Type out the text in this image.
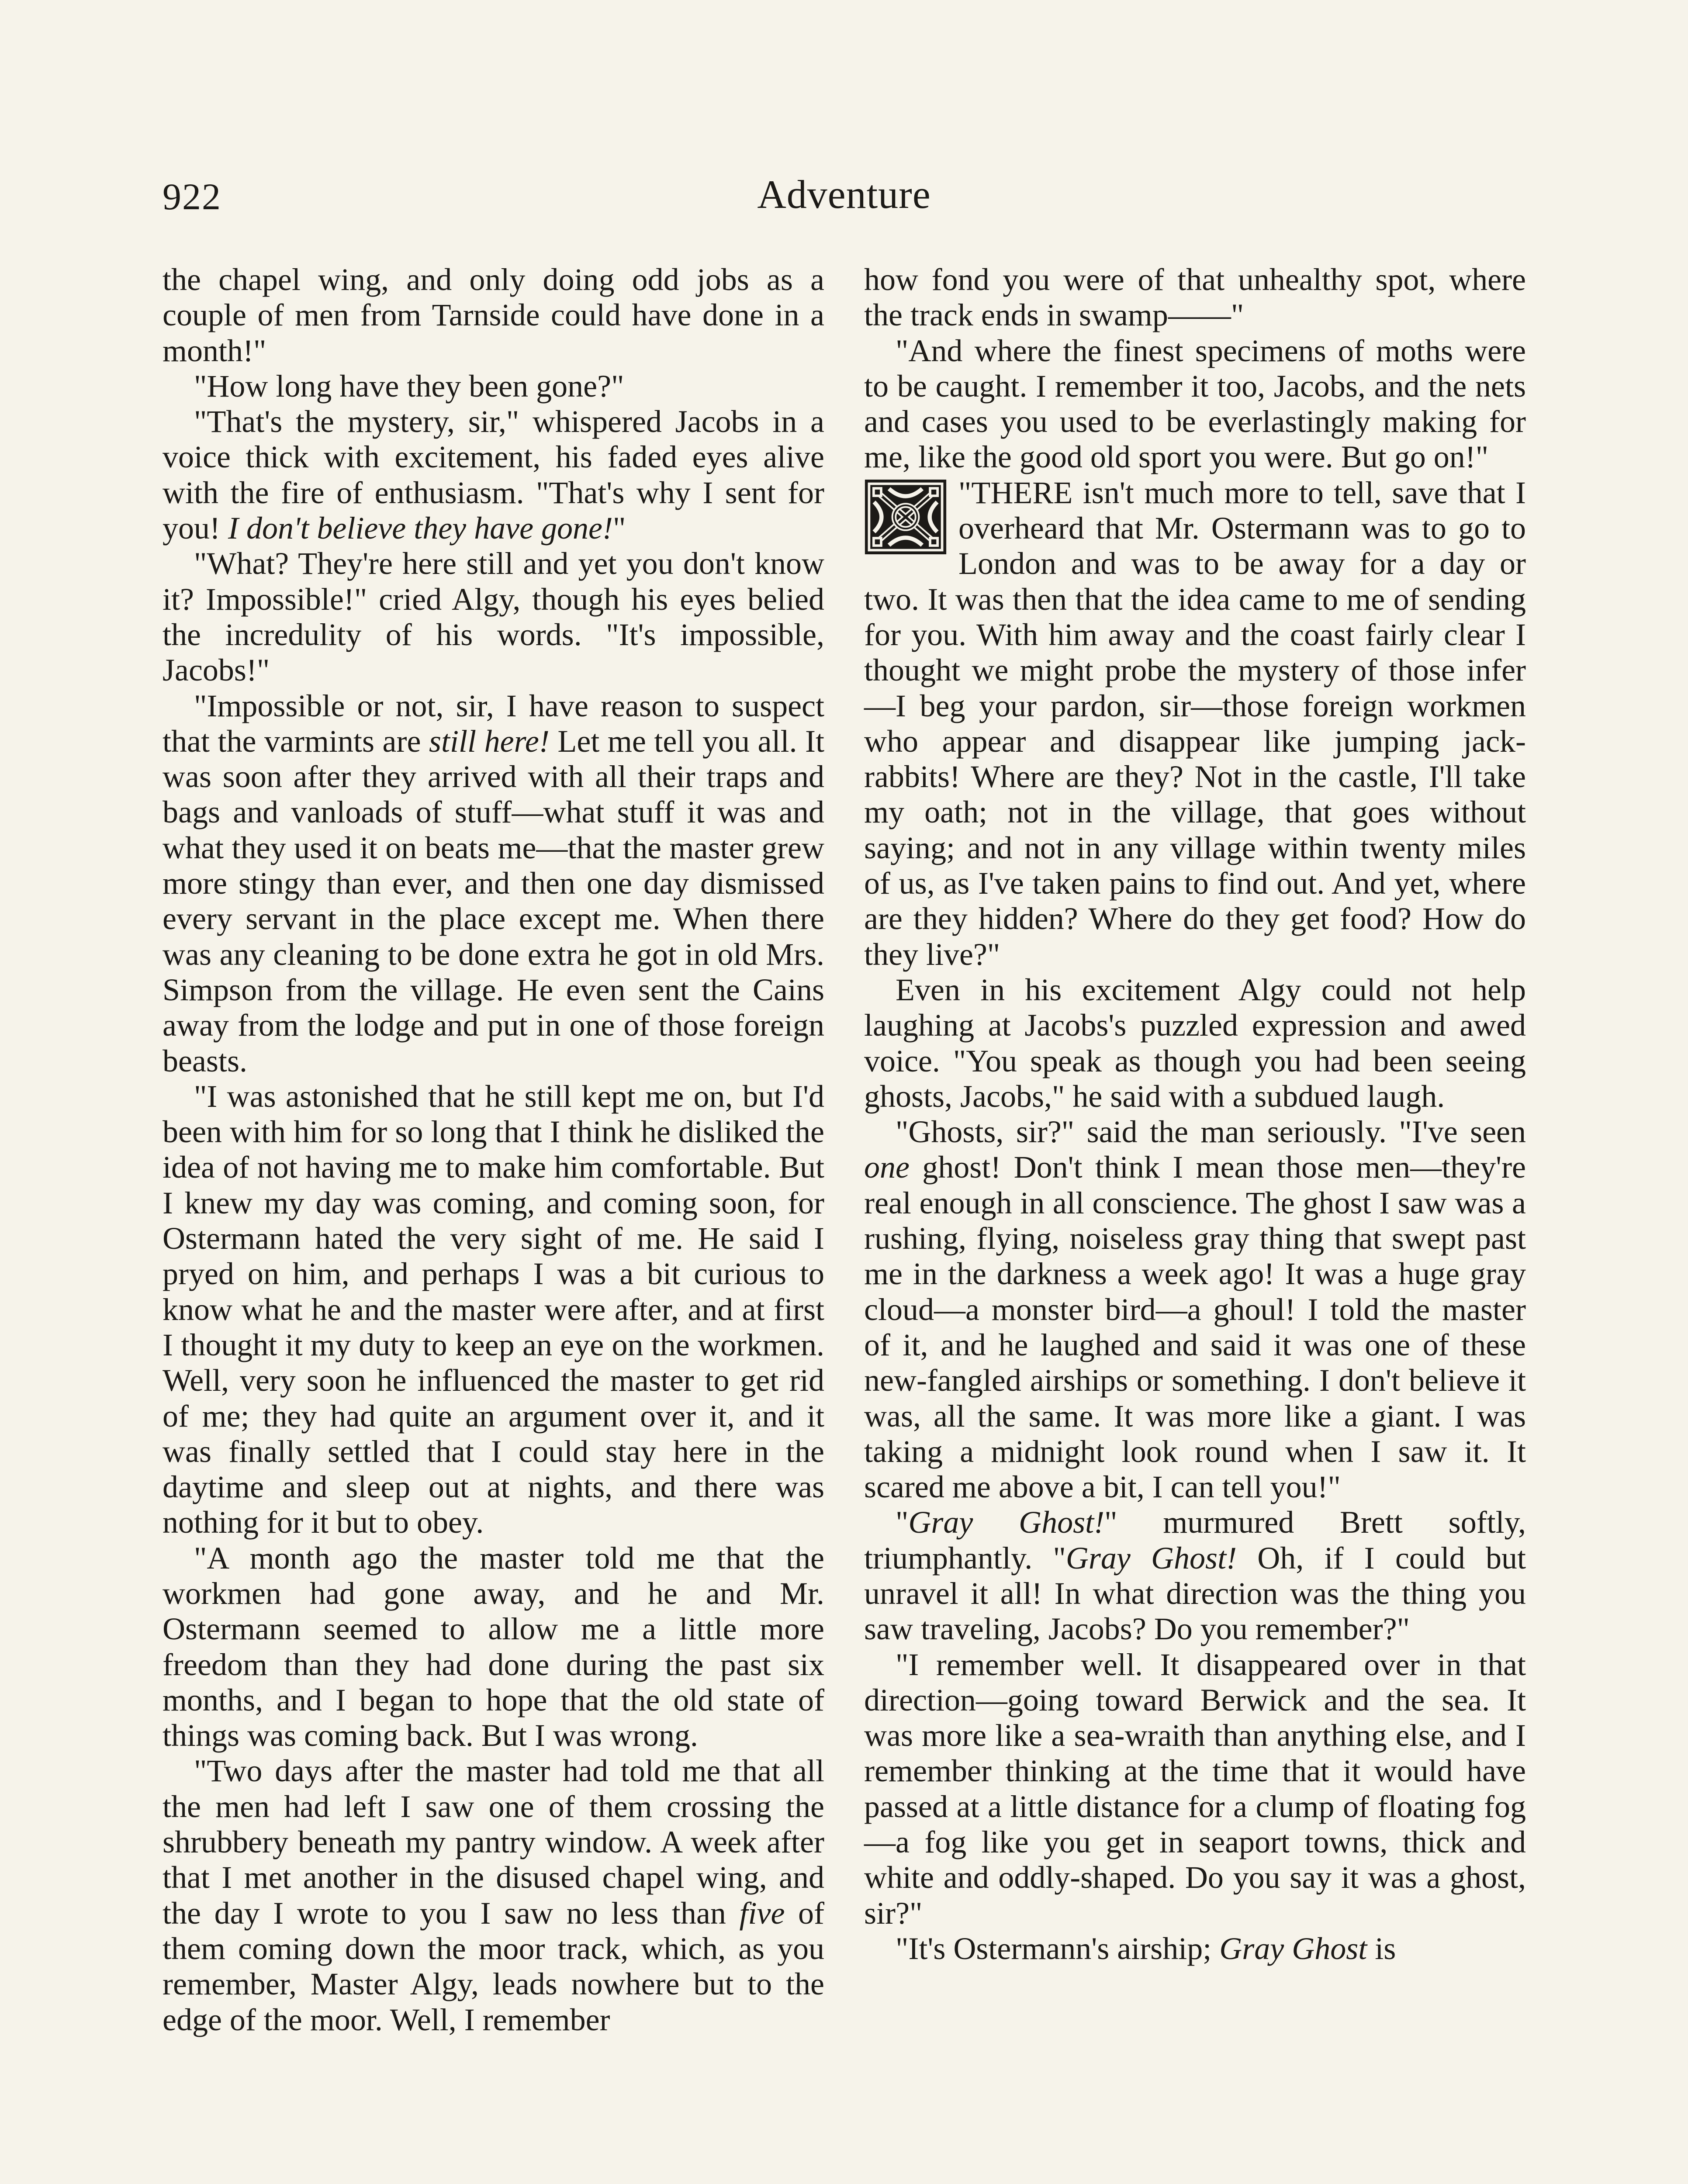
922	Adventure

the chapel wing, and only doing odd jobs as a couple of men from Tarnside could have done in a month!"

"How long have they been gone?"

"That's the mystery, sir," whispered Jacobs in a voice thick with excitement, his faded eyes alive with the fire of enthusiasm. "That's why I sent for you! I don't believe they have gone!"

"What? They're here still and yet you don't know it? Impossible!" cried Algy, though his eyes belied the incredulity of his words. "It's impossible, Jacobs!"

"Impossible or not, sir, I have reason to suspect that the varmints are still here! Let me tell you all. It was soon after they arrived with all their traps and bags and vanloads of stuff—what stuff it was and what they used it on beats me—that the master grew more stingy than ever, and then one day dismissed every servant in the place except me. When there was any cleaning to be done extra he got in old Mrs. Simpson from the village. He even sent the Cains away from the lodge and put in one of those foreign beasts.

"I was astonished that he still kept me on, but I'd been with him for so long that I think he disliked the idea of not having me to make him comfortable. But I knew my day was coming, and coming soon, for Ostermann hated the very sight of me. He said I pryed on him, and perhaps I was a bit curious to know what he and the master were after, and at first I thought it my duty to keep an eye on the workmen. Well, very soon he influenced the master to get rid of me; they had quite an argument over it, and it was finally settled that I could stay here in the daytime and sleep out at nights, and there was nothing for it but to obey.

"A month ago the master told me that the workmen had gone away, and he and Mr. Ostermann seemed to allow me a little more freedom than they had done during the past six months, and I began to hope that the old state of things was coming back. But I was wrong.

"Two days after the master had told me that all the men had left I saw one of them crossing the shrubbery beneath my pantry window. A week after that I met another in the disused chapel wing, and the day I wrote to you I saw no less than five of them coming down the moor track, which, as you remember, Master Algy, leads nowhere but to the edge of the moor. Well, I remember

how fond you were of that unhealthy spot, where the track ends in swamp——"

"And where the finest specimens of moths were to be caught. I remember it too, Jacobs, and the nets and cases you used to be everlastingly making for me, like the good old sport you were. But go on!"

"THERE isn't much more to tell, save that I overheard that Mr. Ostermann was to go to London and was to be away for a day or two. It was then that the idea came to me of sending for you. With him away and the coast fairly clear I thought we might probe the mystery of those infer—I beg your pardon, sir—those foreign workmen who appear and disappear like jumping jack-rabbits! Where are they? Not in the castle, I'll take my oath; not in the village, that goes without saying; and not in any village within twenty miles of us, as I've taken pains to find out. And yet, where are they hidden? Where do they get food? How do they live?"

Even in his excitement Algy could not help laughing at Jacobs's puzzled expression and awed voice. "You speak as though you had been seeing ghosts, Jacobs," he said with a subdued laugh.

"Ghosts, sir?" said the man seriously. "I've seen one ghost! Don't think I mean those men—they're real enough in all conscience. The ghost I saw was a rushing, flying, noiseless gray thing that swept past me in the darkness a week ago! It was a huge gray cloud—a monster bird—a ghoul! I told the master of it, and he laughed and said it was one of these new-fangled airships or something. I don't believe it was, all the same. It was more like a giant. I was taking a midnight look round when I saw it. It scared me above a bit, I can tell you!"

"Gray Ghost!" murmured Brett softly, triumphantly. "Gray Ghost! Oh, if I could but unravel it all! In what direction was the thing you saw traveling, Jacobs? Do you remember?"

"I remember well. It disappeared over in that direction—going toward Berwick and the sea. It was more like a sea-wraith than anything else, and I remember thinking at the time that it would have passed at a little distance for a clump of floating fog—a fog like you get in seaport towns, thick and white and oddly-shaped. Do you say it was a ghost, sir?"

"It's Ostermann's airship; Gray Ghost is
